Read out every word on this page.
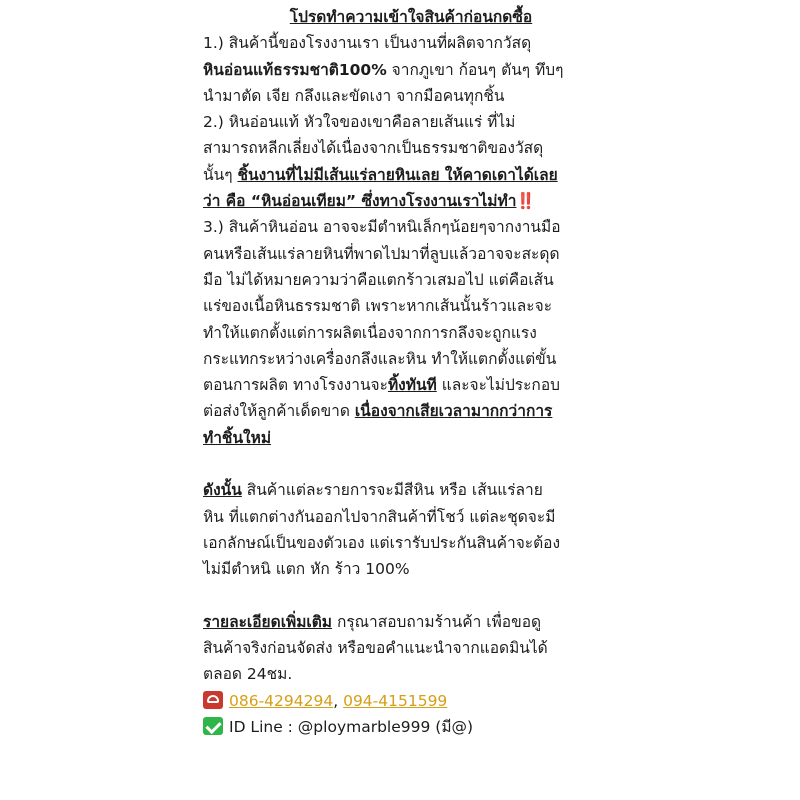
โปรดทำความเข้าใจสินค้าก่อนกดซื้อ
1.) สินค้านี้ของโรงงานเรา เป็นงานที่ผลิตจากวัสดุ
หินอ่อนแท้ธรรมชาติ100% จากภูเขา ก้อนๆ ตันๆ ทึบๆ
นำมาตัด เจีย กลึงและขัดเงา จากมือคนทุกชิ้น
2.) หินอ่อนแท้ หัวใจของเขาคือลายเส้นแร่ ที่ไม่
สามารถหลีกเลี่ยงได้เนื่องจากเป็นธรรมชาติของวัสดุ
นั้นๆ ชิ้นงานที่ไม่มีเส้นแร่ลายหินเลย ให้คาดเดาได้เลย
ว่า คือ “หินอ่อนเทียม” ซึ่งทางโรงงานเราไม่ทำ‼️
3.) สินค้าหินอ่อน อาจจะมีตำหนิเล็กๆน้อยๆจากงานมือ
คนหรือเส้นแร่ลายหินที่พาดไปมาที่ลูบแล้วอาจจะสะดุด
มือ ไม่ได้หมายความว่าคือแตกร้าวเสมอไป แต่คือเส้น
แร่ของเนื้อหินธรรมชาติ เพราะหากเส้นนั้นร้าวและจะ
ทำให้แตกตั้งแต่การผลิตเนื่องจากการกลึงจะถูกแรง
กระแทกระหว่างเครื่องกลึงและหิน ทำให้แตกตั้งแต่ขั้น
ตอนการผลิต ทางโรงงานจะทิ้งทันที และจะไม่ประกอบ
ต่อส่งให้ลูกค้าเด็ดขาด เนื่องจากเสียเวลามากกว่าการ
ทำชิ้นใหม่
ดังนั้น สินค้าแต่ละรายการจะมีสีหิน หรือ เส้นแร่ลาย
หิน ที่แตกต่างกันออกไปจากสินค้าที่โชว์ แต่ละชุดจะมี
เอกลักษณ์เป็นของตัวเอง แต่เรารับประกันสินค้าจะต้อง
ไม่มีตำหนิ แตก หัก ร้าว 100%
รายละเอียดเพิ่มเติม กรุณาสอบถามร้านค้า เพื่อขอดู
สินค้าจริงก่อนจัดส่ง หรือขอคำแนะนำจากแอดมินได้
ตลอด 24ชม.
086-4294294, 094-4151599
ID Line : @ploymarble999 (มี@)
